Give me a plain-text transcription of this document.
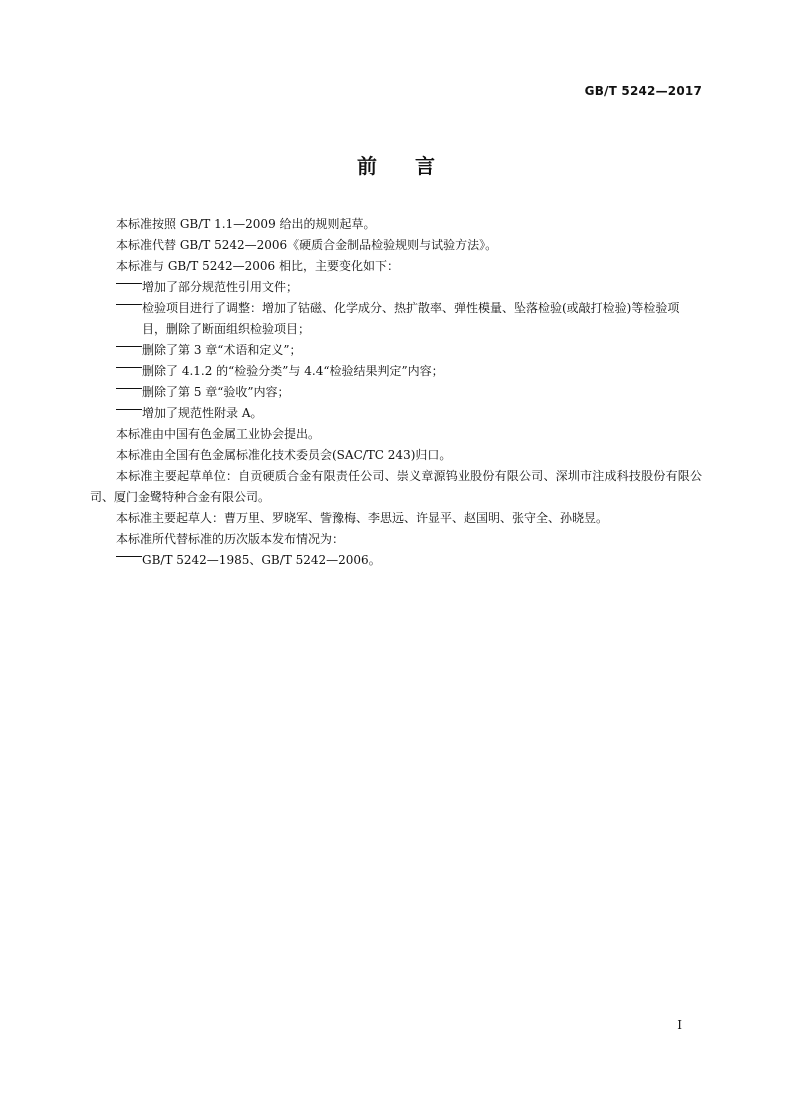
GB/T 5242—2017
前言

本标准按照 GB/T 1.1—2009 给出的规则起草。

本标准代替 GB/T 5242—2006《硬质合金制品检验规则与试验方法》。

本标准与 GB/T 5242—2006 相比，主要变化如下：

增加了部分规范性引用文件；

检验项目进行了调整：增加了钴磁、化学成分、热扩散率、弹性模量、坠落检验(或敲打检验)等检验项目，删除了断面组织检验项目；

删除了第 3 章“术语和定义”；

删除了 4.1.2 的“检验分类”与 4.4“检验结果判定”内容；

删除了第 5 章“验收”内容；

增加了规范性附录 A。

本标准由中国有色金属工业协会提出。

本标准由全国有色金属标准化技术委员会(SAC/TC 243)归口。

本标准主要起草单位：自贡硬质合金有限责任公司、崇义章源钨业股份有限公司、深圳市注成科技股份有限公司、厦门金鹭特种合金有限公司。

本标准主要起草人：曹万里、罗晓军、訾豫梅、李思远、许显平、赵国明、张守全、孙晓昱。

本标准所代替标准的历次版本发布情况为：

GB/T 5242—1985、GB/T 5242—2006。

I
